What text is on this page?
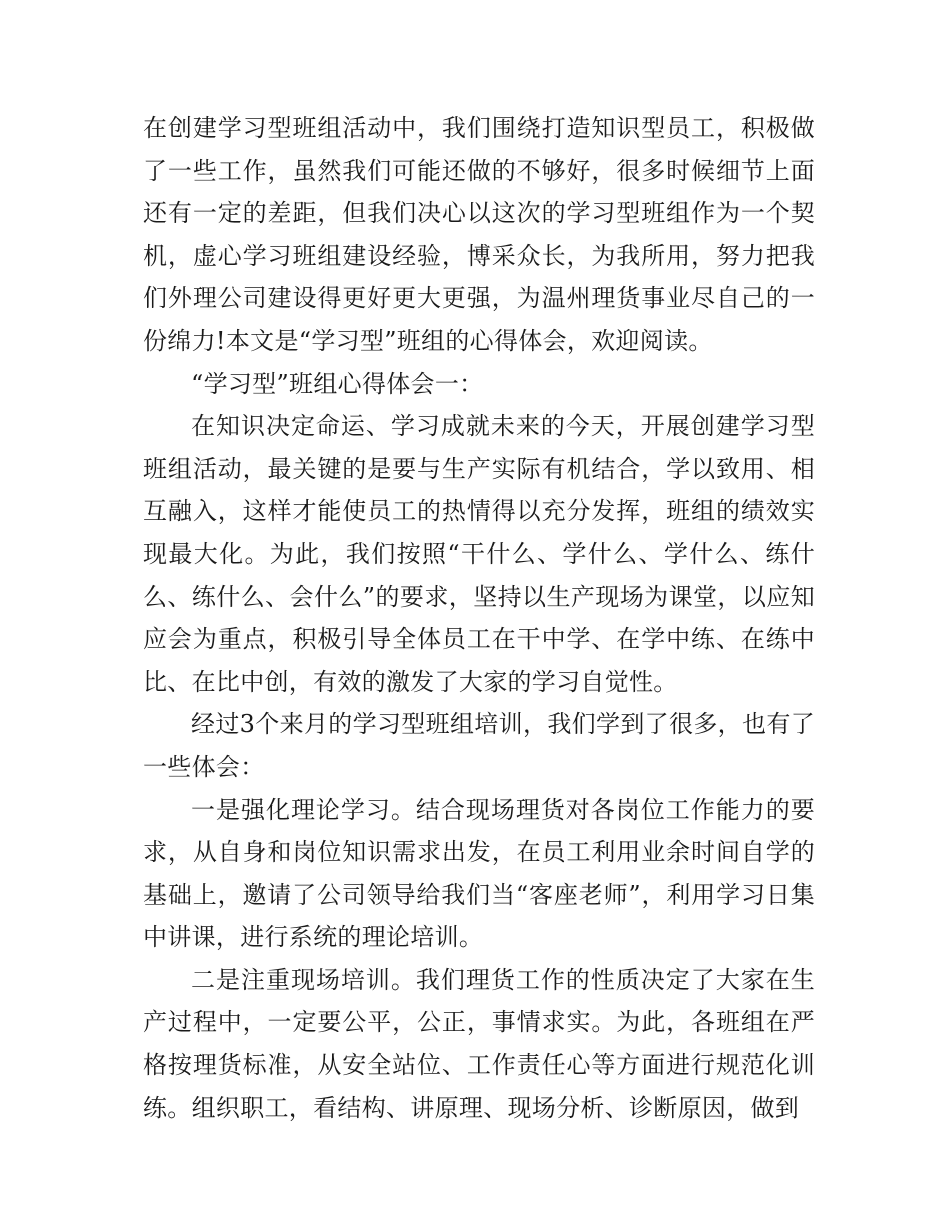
在创建学习型班组活动中，我们围绕打造知识型员工，积极做了一些工作，虽然我们可能还做的不够好，很多时候细节上面还有一定的差距，但我们决心以这次的学习型班组作为一个契机，虚心学习班组建设经验，博采众长，为我所用，努力把我们外理公司建设得更好更大更强，为温州理货事业尽自己的一份绵力!本文是“学习型”班组的心得体会，欢迎阅读。

“学习型”班组心得体会一：

在知识决定命运、学习成就未来的今天，开展创建学习型班组活动，最关键的是要与生产实际有机结合，学以致用、相互融入，这样才能使员工的热情得以充分发挥，班组的绩效实现最大化。为此，我们按照“干什么、学什么、学什么、练什么、练什么、会什么”的要求，坚持以生产现场为课堂，以应知应会为重点，积极引导全体员工在干中学、在学中练、在练中比、在比中创，有效的激发了大家的学习自觉性。

经过3个来月的学习型班组培训，我们学到了很多，也有了一些体会：

一是强化理论学习。结合现场理货对各岗位工作能力的要求，从自身和岗位知识需求出发，在员工利用业余时间自学的基础上，邀请了公司领导给我们当“客座老师”，利用学习日集中讲课，进行系统的理论培训。

二是注重现场培训。我们理货工作的性质决定了大家在生产过程中，一定要公平，公正，事情求实。为此，各班组在严格按理货标准，从安全站位、工作责任心等方面进行规范化训练。组织职工，看结构、讲原理、现场分析、诊断原因，做到
